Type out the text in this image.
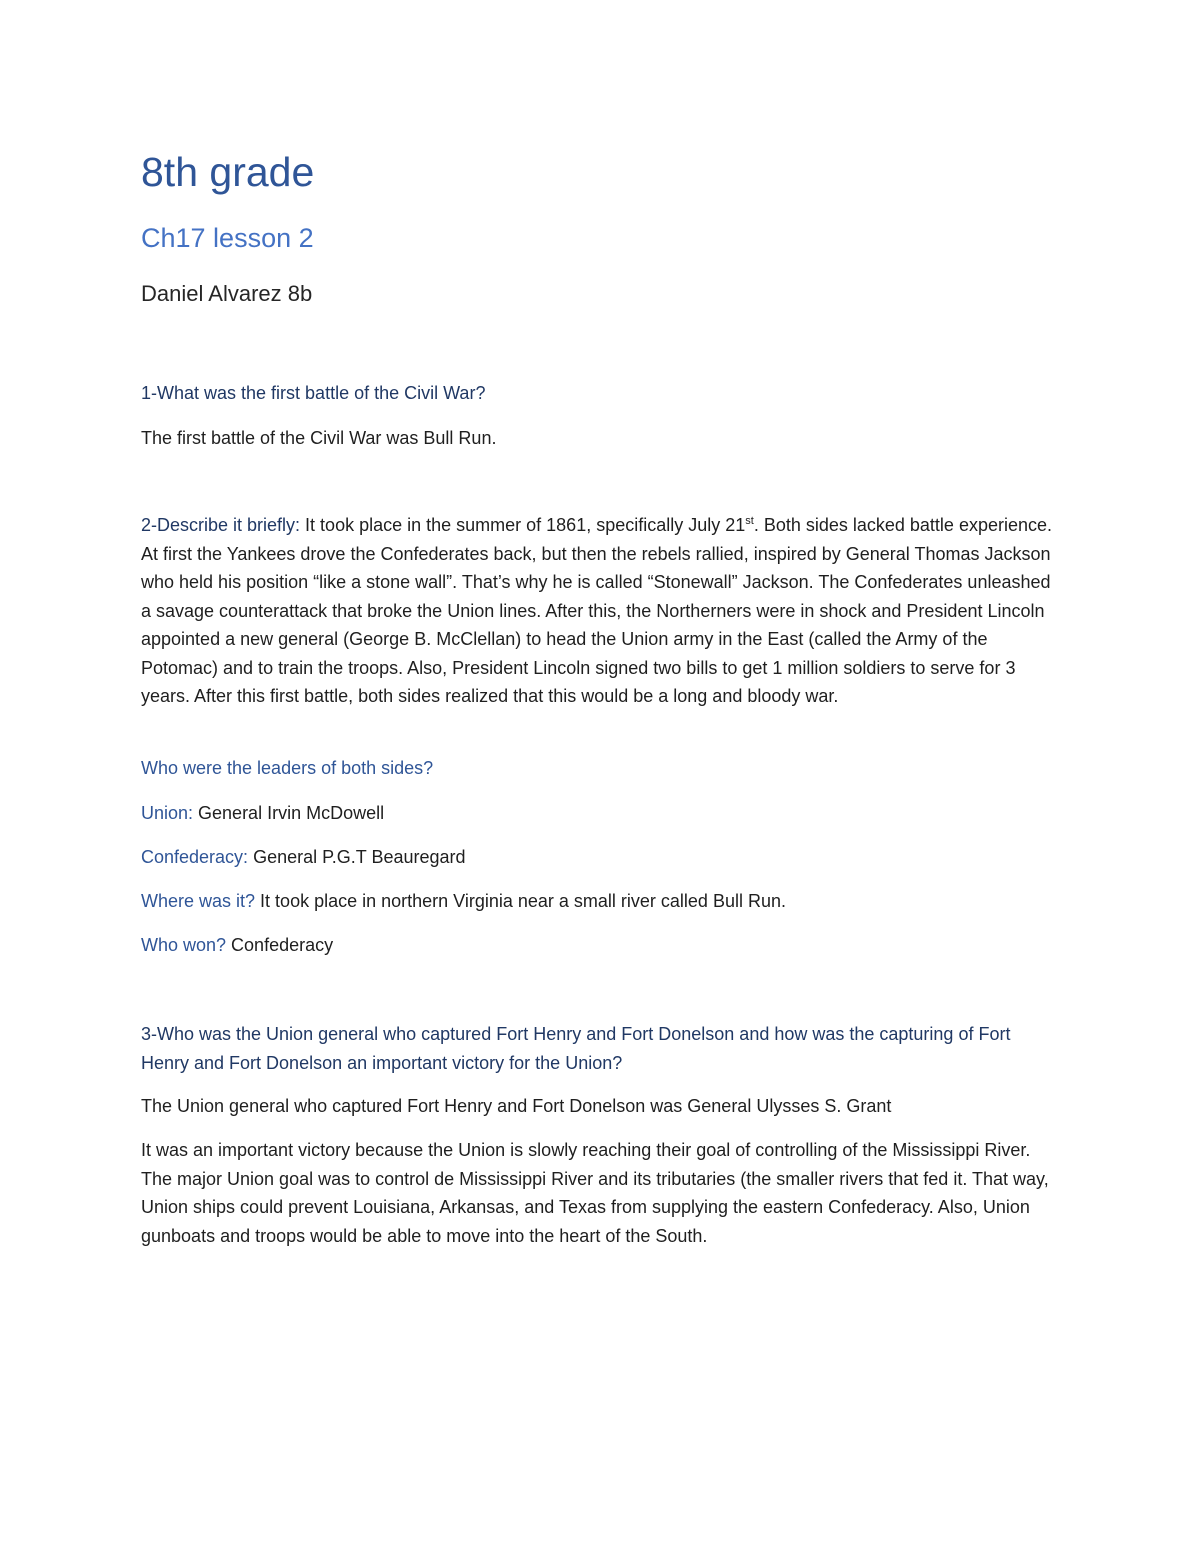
8th grade
Ch17 lesson 2
Daniel Alvarez 8b
1-What was the first battle of the Civil War?
The first battle of the Civil War was Bull Run.
2-Describe it briefly: It took place in the summer of 1861, specifically July 21st. Both sides lacked battle experience. At first the Yankees drove the Confederates back, but then the rebels rallied, inspired by General Thomas Jackson who held his position “like a stone wall”. That’s why he is called “Stonewall” Jackson. The Confederates unleashed a savage counterattack that broke the Union lines. After this, the Northerners were in shock and President Lincoln appointed a new general (George B. McClellan) to head the Union army in the East (called the Army of the Potomac) and to train the troops. Also, President Lincoln signed two bills to get 1 million soldiers to serve for 3 years. After this first battle, both sides realized that this would be a long and bloody war.
Who were the leaders of both sides?
Union: General Irvin McDowell
Confederacy: General P.G.T Beauregard
Where was it? It took place in northern Virginia near a small river called Bull Run.
Who won? Confederacy
3-Who was the Union general who captured Fort Henry and Fort Donelson and how was the capturing of Fort Henry and Fort Donelson an important victory for the Union?
The Union general who captured Fort Henry and Fort Donelson was General Ulysses S. Grant
It was an important victory because the Union is slowly reaching their goal of controlling of the Mississippi River. The major Union goal was to control de Mississippi River and its tributaries (the smaller rivers that fed it. That way, Union ships could prevent Louisiana, Arkansas, and Texas from supplying the eastern Confederacy. Also, Union gunboats and troops would be able to move into the heart of the South.
